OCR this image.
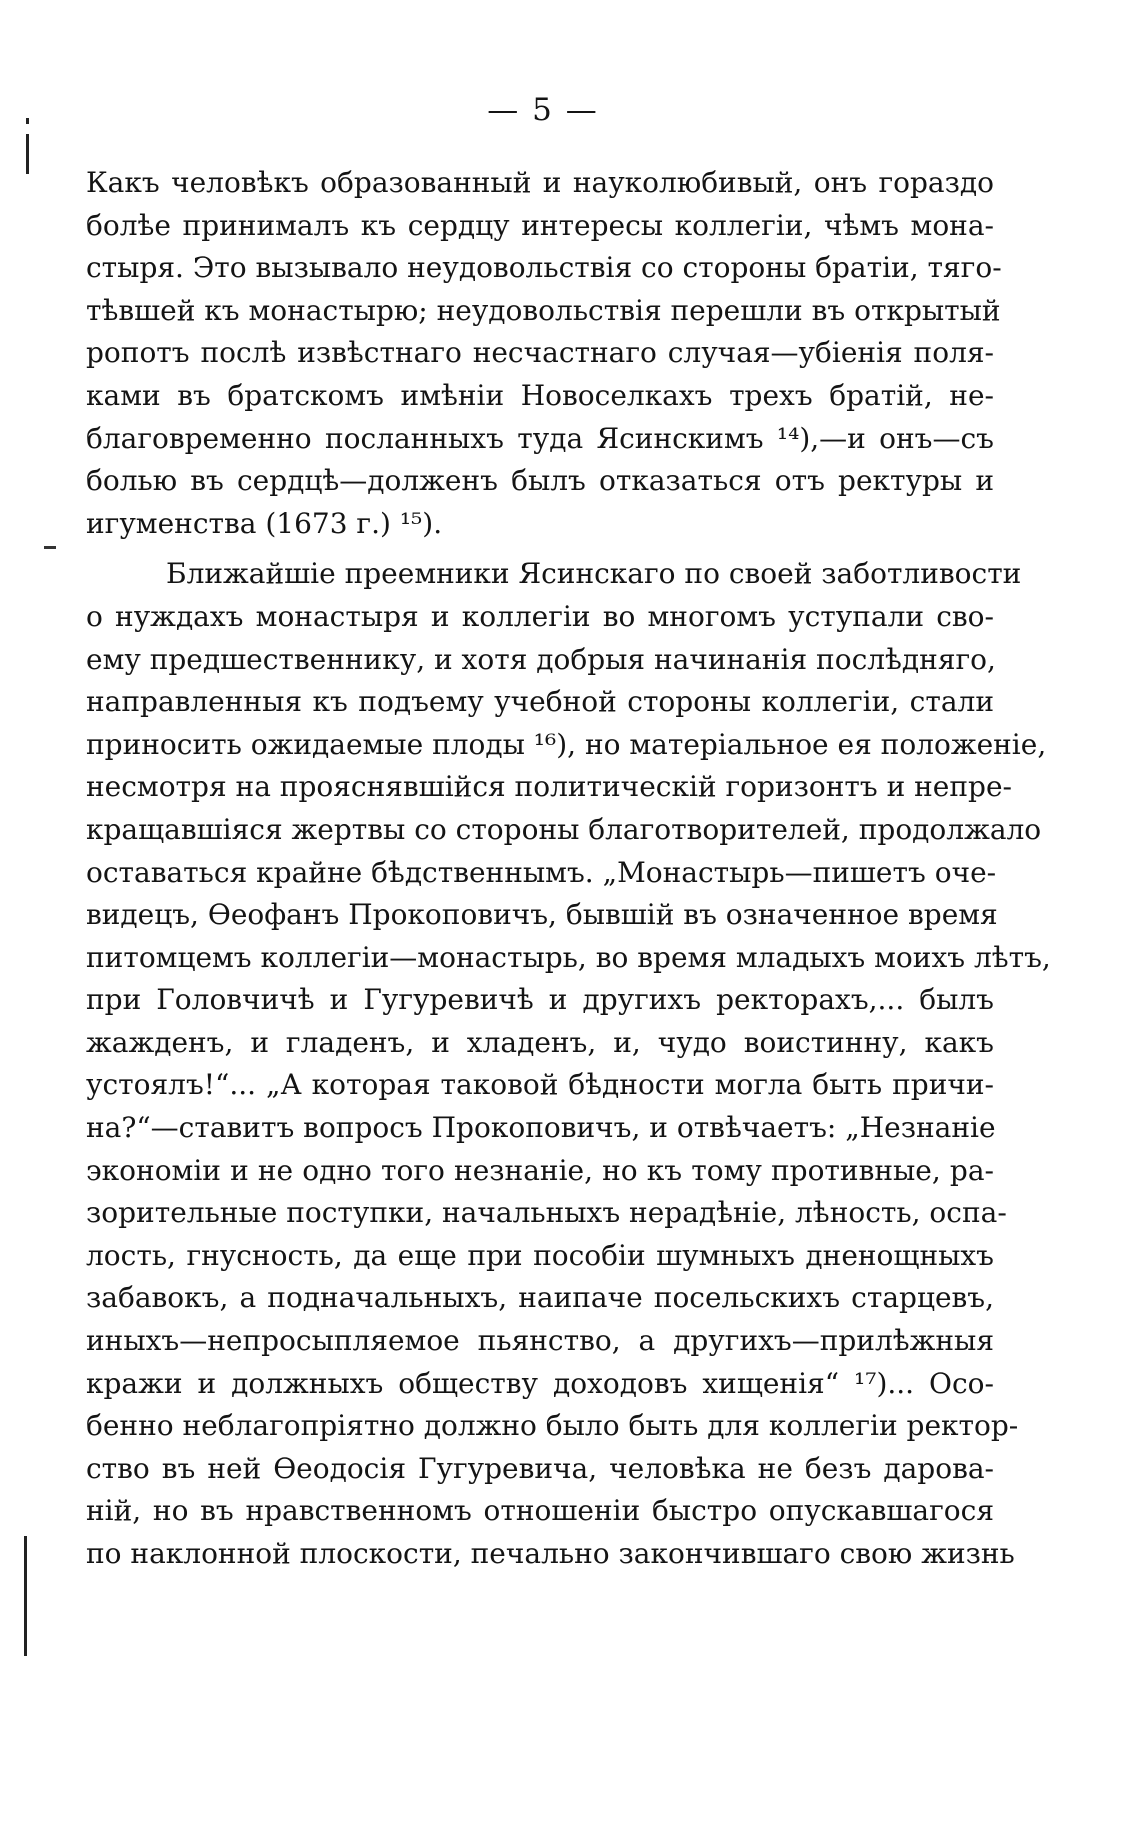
— 5 —
Какъ человѣкъ образованный и науколюбивый, онъ гораздо
болѣе принималъ къ сердцу интересы коллегіи, чѣмъ мона-
стыря. Это вызывало неудовольствія со стороны братіи, тяго-
тѣвшей къ монастырю; неудовольствія перешли въ открытый
ропотъ послѣ извѣстнаго несчастнаго случая—убіенія поля-
ками въ братскомъ имѣніи Новоселкахъ трехъ братій, не-
благовременно посланныхъ туда Ясинскимъ ¹⁴),—и онъ—съ
болью въ сердцѣ—долженъ былъ отказаться отъ ректуры и
игуменства (1673 г.) ¹⁵).
Ближайшіе преемники Ясинскаго по своей заботливости
о нуждахъ монастыря и коллегіи во многомъ уступали сво-
ему предшественнику, и хотя добрыя начинанія послѣдняго,
направленныя къ подъему учебной стороны коллегіи, стали
приносить ожидаемые плоды ¹⁶), но матеріальное ея положеніе,
несмотря на прояснявшійся политическій горизонтъ и непре-
кращавшіяся жертвы со стороны благотворителей, продолжало
оставаться крайне бѣдственнымъ. „Монастырь—пишетъ оче-
видецъ, Ѳеофанъ Прокоповичъ, бывшій въ означенное время
питомцемъ коллегіи—монастырь, во время младыхъ моихъ лѣтъ,
при Головчичѣ и Гугуревичѣ и другихъ ректорахъ,... былъ
жажденъ, и гладенъ, и хладенъ, и, чудо воистинну, какъ
устоялъ!“... „А которая таковой бѣдности могла быть причи-
на?“—ставитъ вопросъ Прокоповичъ, и отвѣчаетъ: „Незнаніе
экономіи и не одно того незнаніе, но къ тому противные, ра-
зорительные поступки, начальныхъ нерадѣніе, лѣность, оспа-
лость, гнусность, да еще при пособіи шумныхъ дненощныхъ
забавокъ, а подначальныхъ, наипаче посельскихъ старцевъ,
иныхъ—непросыпляемое пьянство, а другихъ—прилѣжныя
кражи и должныхъ обществу доходовъ хищенія“ ¹⁷)... Осо-
бенно неблагопріятно должно было быть для коллегіи ректор-
ство въ ней Ѳеодосія Гугуревича, человѣка не безъ дарова-
ній, но въ нравственномъ отношеніи быстро опускавшагося
по наклонной плоскости, печально закончившаго свою жизнь
